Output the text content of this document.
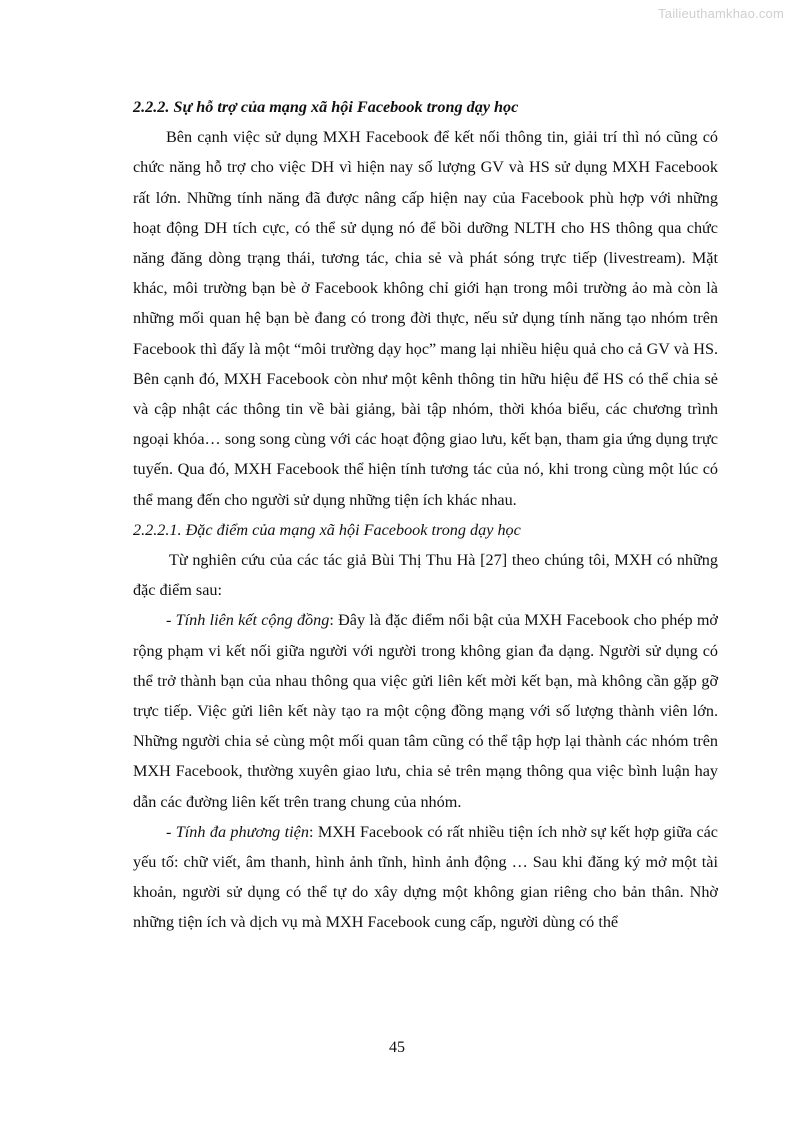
Tailieuthamkhao.com

2.2.2. Sự hỗ trợ của mạng xã hội Facebook trong dạy học

Bên cạnh việc sử dụng MXH Facebook để kết nối thông tin, giải trí thì nó cũng có chức năng hỗ trợ cho việc DH vì hiện nay số lượng GV và HS sử dụng MXH Facebook rất lớn. Những tính năng đã được nâng cấp hiện nay của Facebook phù hợp với những hoạt động DH tích cực, có thể sử dụng nó để bồi dưỡng NLTH cho HS thông qua chức năng đăng dòng trạng thái, tương tác, chia sẻ và phát sóng trực tiếp (livestream). Mặt khác, môi trường bạn bè ở Facebook không chỉ giới hạn trong môi trường ảo mà còn là những mối quan hệ bạn bè đang có trong đời thực, nếu sử dụng tính năng tạo nhóm trên Facebook thì đấy là một “môi trường dạy học” mang lại nhiều hiệu quả cho cả GV và HS. Bên cạnh đó, MXH Facebook còn như một kênh thông tin hữu hiệu để HS có thể chia sẻ và cập nhật các thông tin về bài giảng, bài tập nhóm, thời khóa biểu, các chương trình ngoại khóa… song song cùng với các hoạt động giao lưu, kết bạn, tham gia ứng dụng trực tuyến. Qua đó, MXH Facebook thể hiện tính tương tác của nó, khi trong cùng một lúc có thể mang đến cho người sử dụng những tiện ích khác nhau.

2.2.2.1. Đặc điểm của mạng xã hội Facebook trong dạy học

Từ nghiên cứu của các tác giả Bùi Thị Thu Hà [27] theo chúng tôi, MXH có những đặc điểm sau:

- Tính liên kết cộng đồng: Đây là đặc điểm nổi bật của MXH Facebook cho phép mở rộng phạm vi kết nối giữa người với người trong không gian đa dạng. Người sử dụng có thể trở thành bạn của nhau thông qua việc gửi liên kết mời kết bạn, mà không cần gặp gỡ trực tiếp. Việc gửi liên kết này tạo ra một cộng đồng mạng với số lượng thành viên lớn. Những người chia sẻ cùng một mối quan tâm cũng có thể tập hợp lại thành các nhóm trên MXH Facebook, thường xuyên giao lưu, chia sẻ trên mạng thông qua việc bình luận hay dẫn các đường liên kết trên trang chung của nhóm.

- Tính đa phương tiện: MXH Facebook có rất nhiều tiện ích nhờ sự kết hợp giữa các yếu tố: chữ viết, âm thanh, hình ảnh tĩnh, hình ảnh động … Sau khi đăng ký mở một tài khoản, người sử dụng có thể tự do xây dựng một không gian riêng cho bản thân. Nhờ những tiện ích và dịch vụ mà MXH Facebook cung cấp, người dùng có thể

45
